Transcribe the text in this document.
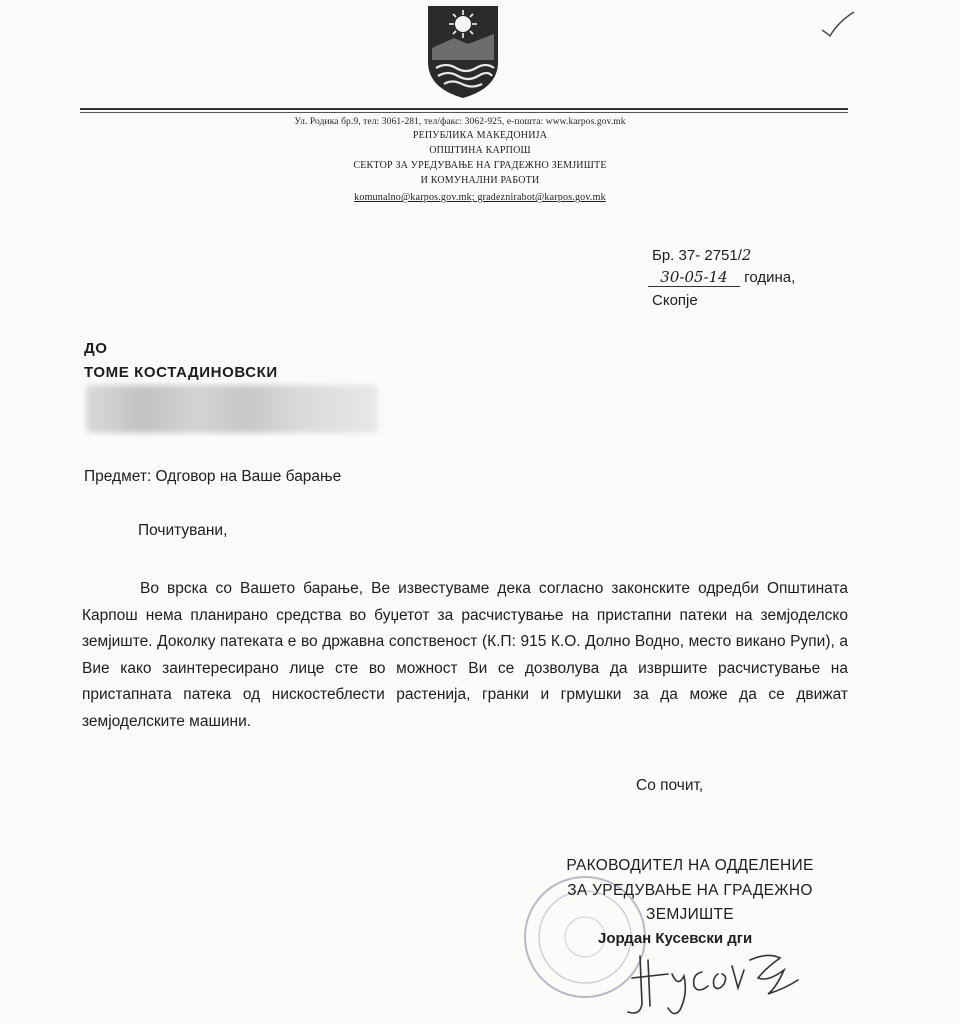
Ул. Родика бр.9, тел: 3061-281, тел/факс: 3062-925, е-пошта: www.karpos.gov.mk
РЕПУБЛИКА МАКЕДОНИЈА
ОПШТИНА КАРПОШ
СЕКТОР ЗА УРЕДУВАЊЕ НА ГРАДЕЖНО ЗЕМЈИШТЕ
И КОМУНАЛНИ РАБОТИ
komunalno@karpos.gov.mk; gradeznirabot@karpos.gov.mk
Бр. 37- 2751/2
30-05-14 година,
Скопје
ДО
ТОМЕ КОСТАДИНОВСКИ
Предмет: Одговор на Ваше барање
Почитувани,

Во врска со Вашето барање, Ве известуваме дека согласно законските одредби Општината Карпош нема планирано средства во буџетот за расчистување на пристапни патеки на земјоделско земјиште. Доколку патеката е во државна сопственост (К.П: 915 К.О. Долно Водно, место викано Рупи), а Вие како заинтересирано лице сте во можност Ви се дозволува да извршите расчистување на пристапната патека од нискостеблести растенија, гранки и грмушки за да може да се движат земјоделските машини.

Со почит,
РАКОВОДИТЕЛ НА ОДДЕЛЕНИЕ
ЗА УРЕДУВАЊЕ НА ГРАДЕЖНО
ЗЕМЈИШТЕ
Јордан Кусевски дги
